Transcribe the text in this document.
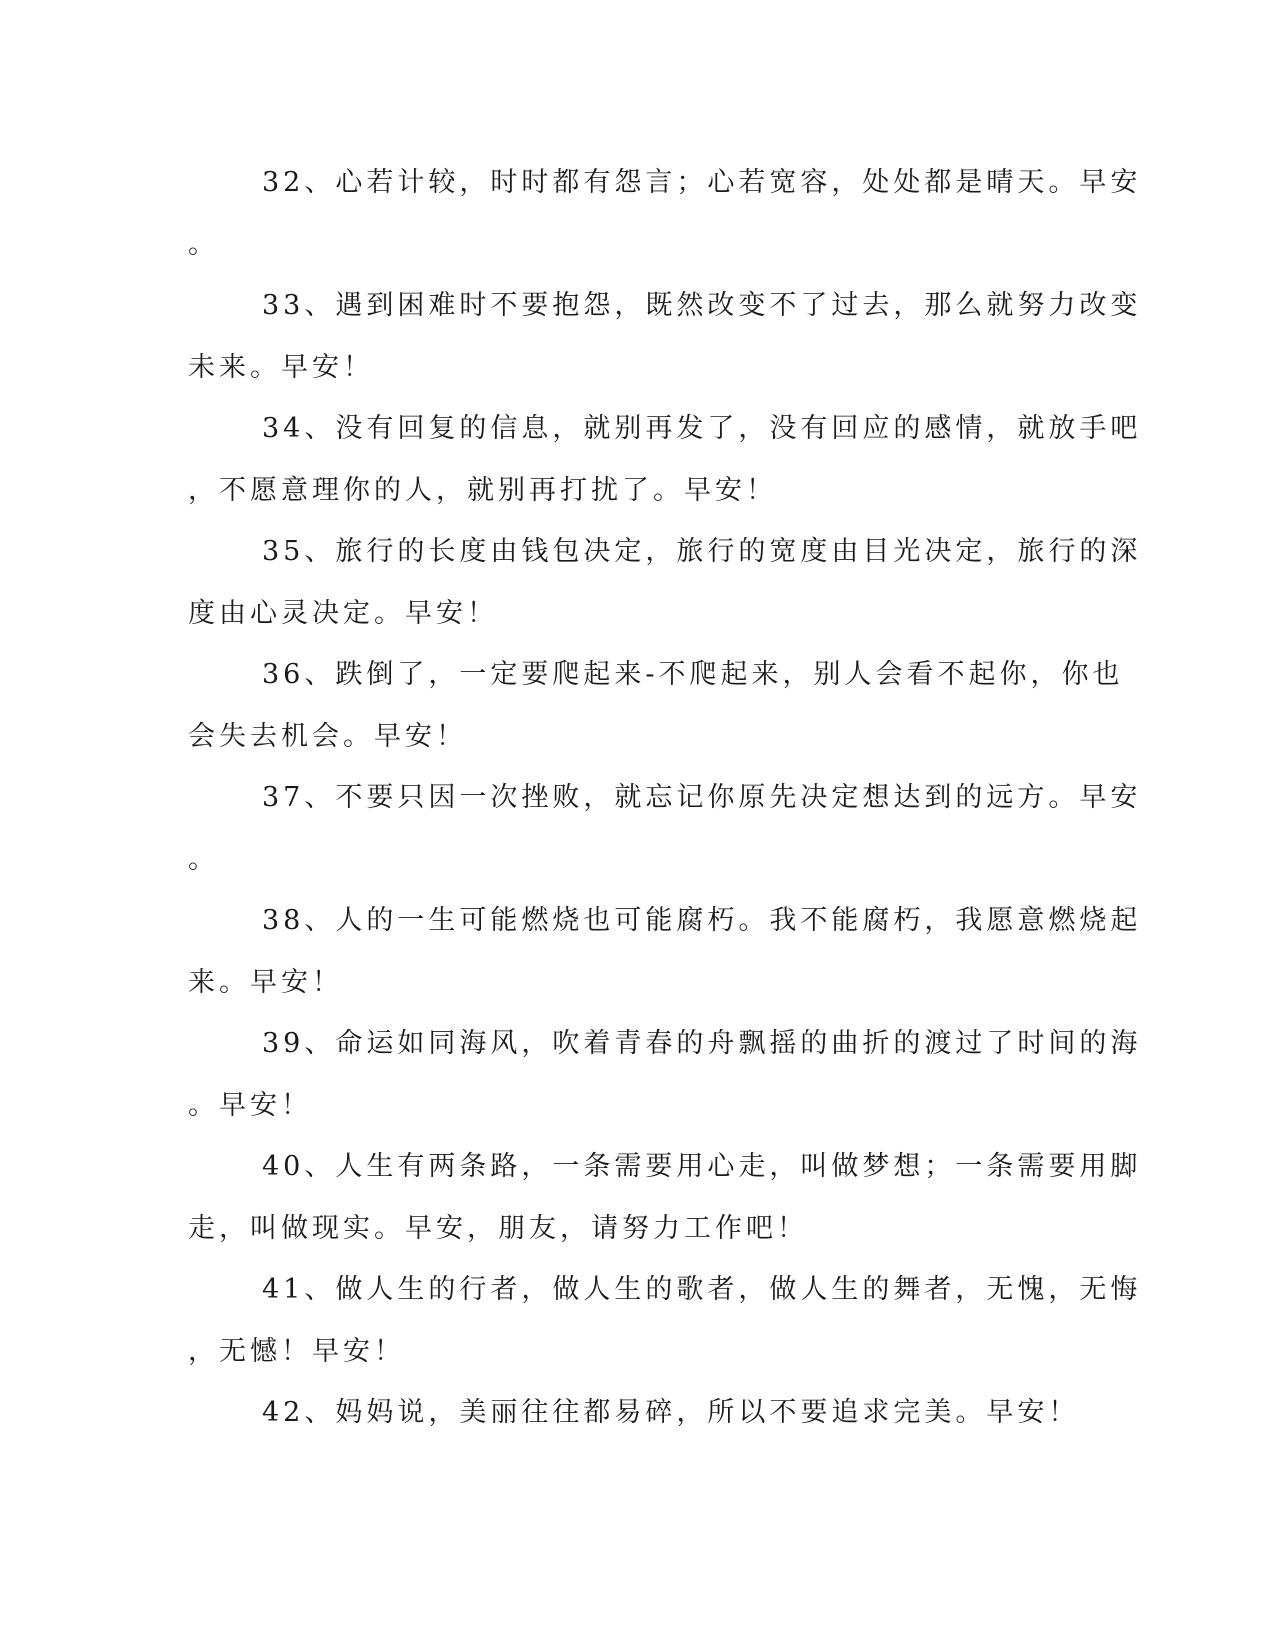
32、心若计较，时时都有怨言；心若宽容，处处都是晴天。早安
。

33、遇到困难时不要抱怨，既然改变不了过去，那么就努力改变
未来。早安！

34、没有回复的信息，就别再发了，没有回应的感情，就放手吧
，不愿意理你的人，就别再打扰了。早安！

35、旅行的长度由钱包决定，旅行的宽度由目光决定，旅行的深
度由心灵决定。早安！

36、跌倒了，一定要爬起来-不爬起来，别人会看不起你，你也
会失去机会。早安！

37、不要只因一次挫败，就忘记你原先决定想达到的远方。早安
。

38、人的一生可能燃烧也可能腐朽。我不能腐朽，我愿意燃烧起
来。早安！

39、命运如同海风，吹着青春的舟飘摇的曲折的渡过了时间的海
。早安！

40、人生有两条路，一条需要用心走，叫做梦想；一条需要用脚
走，叫做现实。早安，朋友，请努力工作吧！

41、做人生的行者，做人生的歌者，做人生的舞者，无愧，无悔
，无憾！早安！

42、妈妈说，美丽往往都易碎，所以不要追求完美。早安！
